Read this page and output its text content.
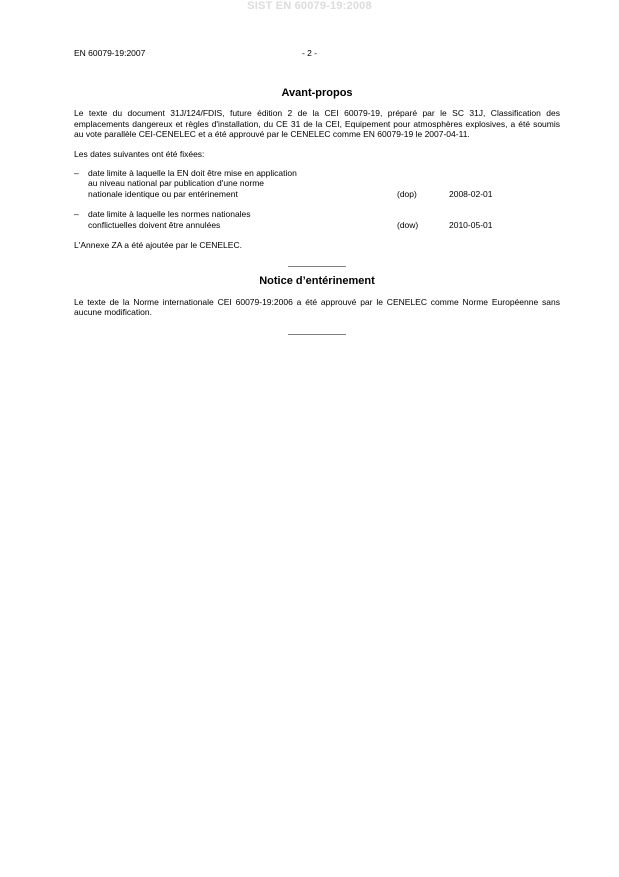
SIST EN 60079-19:2008
EN 60079-19:2007	- 2 -
Avant-propos

Le texte du document 31J/124/FDIS, future édition 2 de la CEI 60079-19, préparé par le SC 31J, Classification des emplacements dangereux et règles d'installation, du CE 31 de la CEI, Equipement pour atmosphères explosives, a été soumis au vote parallèle CEI-CENELEC et a été approuvé par le CENELEC comme EN 60079-19 le 2007-04-11.

Les dates suivantes ont été fixées:

– date limite à laquelle la EN doit être mise en application
au niveau national par publication d'une norme
nationale identique ou par entérinement	(dop)	2008-02-01
– date limite à laquelle les normes nationales
conflictuelles doivent être annulées	(dow)	2010-05-01

L'Annexe ZA a été ajoutée par le CENELEC.

Notice d’entérinement

Le texte de la Norme internationale CEI 60079-19:2006 a été approuvé par le CENELEC comme Norme Européenne sans aucune modification.
